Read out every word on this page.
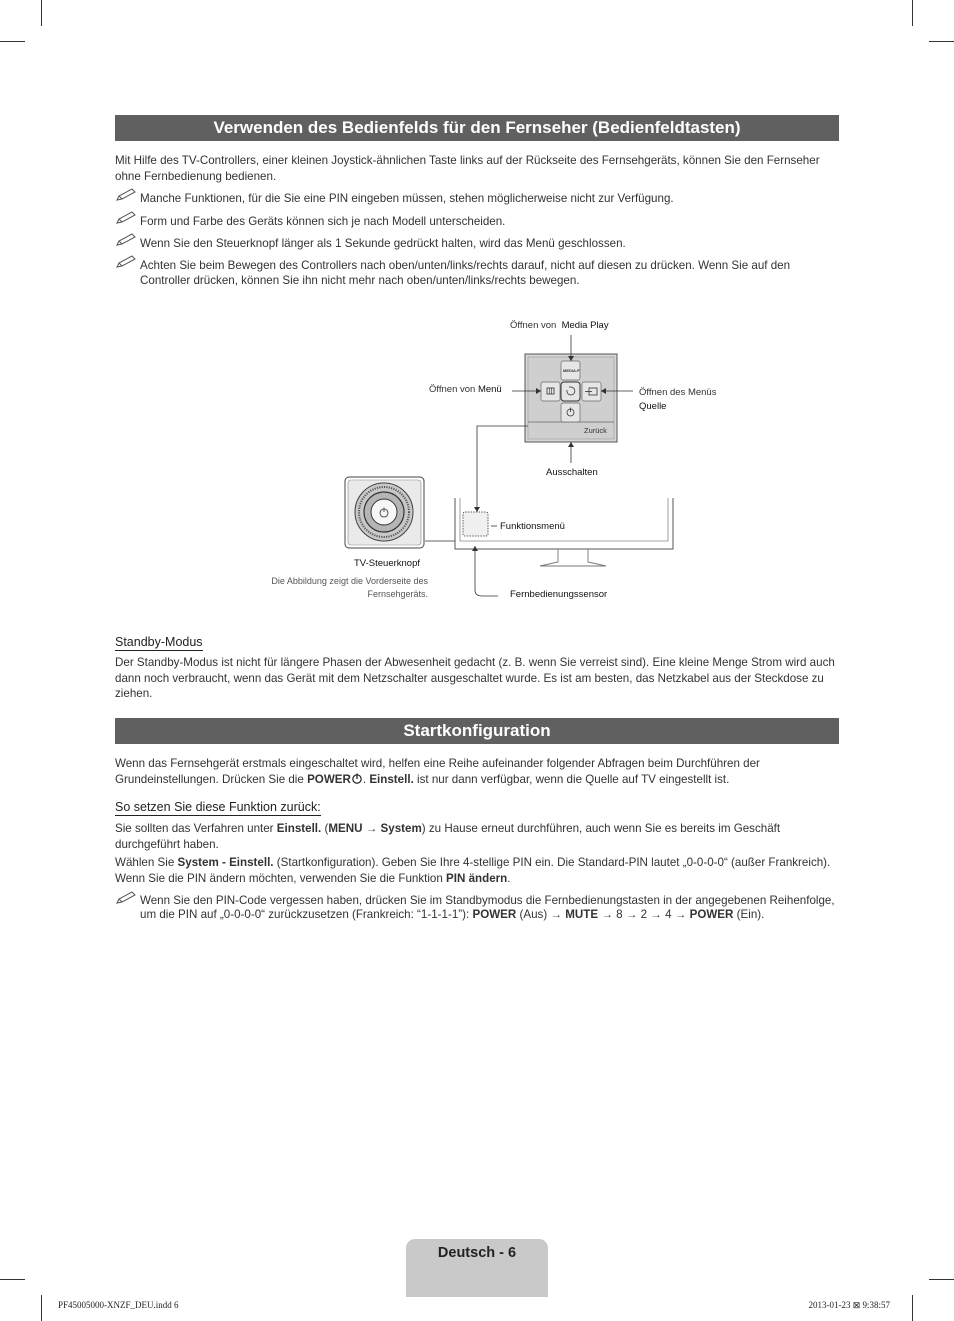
Verwenden des Bedienfelds für den Fernseher (Bedienfeldtasten)

Mit Hilfe des TV-Controllers, einer kleinen Joystick-ähnlichen Taste links auf der Rückseite des Fernsehgeräts, können Sie den Fernseher ohne Fernbedienung bedienen.

Manche Funktionen, für die Sie eine PIN eingeben müssen, stehen möglicherweise nicht zur Verfügung.
Form und Farbe des Geräts können sich je nach Modell unterscheiden.
Wenn Sie den Steuerknopf länger als 1 Sekunde gedrückt halten, wird das Menü geschlossen.
Achten Sie beim Bewegen des Controllers nach oben/unten/links/rechts darauf, nicht auf diesen zu drücken. Wenn Sie auf den Controller drücken, können Sie ihn nicht mehr nach oben/unten/links/rechts bewegen.
MEDIA.P
Öffnen von Media Play
Öffnen von Menü	Öffnen des Menüs
Quelle
Zurück
Ausschalten
Funktionsmenü
TV-Steuerknopf
Die Abbildung zeigt die Vorderseite des Fernsehgeräts.	Fernbedienungssensor
Standby-Modus

Der Standby-Modus ist nicht für längere Phasen der Abwesenheit gedacht (z. B. wenn Sie verreist sind). Eine kleine Menge Strom wird auch dann noch verbraucht, wenn das Gerät mit dem Netzschalter ausgeschaltet wurde. Es ist am besten, das Netzkabel aus der Steckdose zu ziehen.

Startkonfiguration

Wenn das Fernsehgerät erstmals eingeschaltet wird, helfen eine Reihe aufeinander folgender Abfragen beim Durchführen der Grundeinstellungen. Drücken Sie die POWER . Einstell. ist nur dann verfügbar, wenn die Quelle auf TV eingestellt ist.

So setzen Sie diese Funktion zurück:

Sie sollten das Verfahren unter Einstell. (MENU → System) zu Hause erneut durchführen, auch wenn Sie es bereits im Geschäft durchgeführt haben.

Wählen Sie System - Einstell. (Startkonfiguration). Geben Sie Ihre 4-stellige PIN ein. Die Standard-PIN lautet „0-0-0-0“ (außer Frankreich). Wenn Sie die PIN ändern möchten, verwenden Sie die Funktion PIN ändern.

Wenn Sie den PIN-Code vergessen haben, drücken Sie im Standbymodus die Fernbedienungstasten in der angegebenen Reihenfolge, um die PIN auf „0-0-0-0“ zurückzusetzen (Frankreich: “1-1-1-1”): POWER (Aus) → MUTE → 8 → 2 → 4 → POWER (Ein).
Deutsch - 6
PF45005000-XNZF_DEU.indd 6	2013-01-23 ⊠ 9:38:57
